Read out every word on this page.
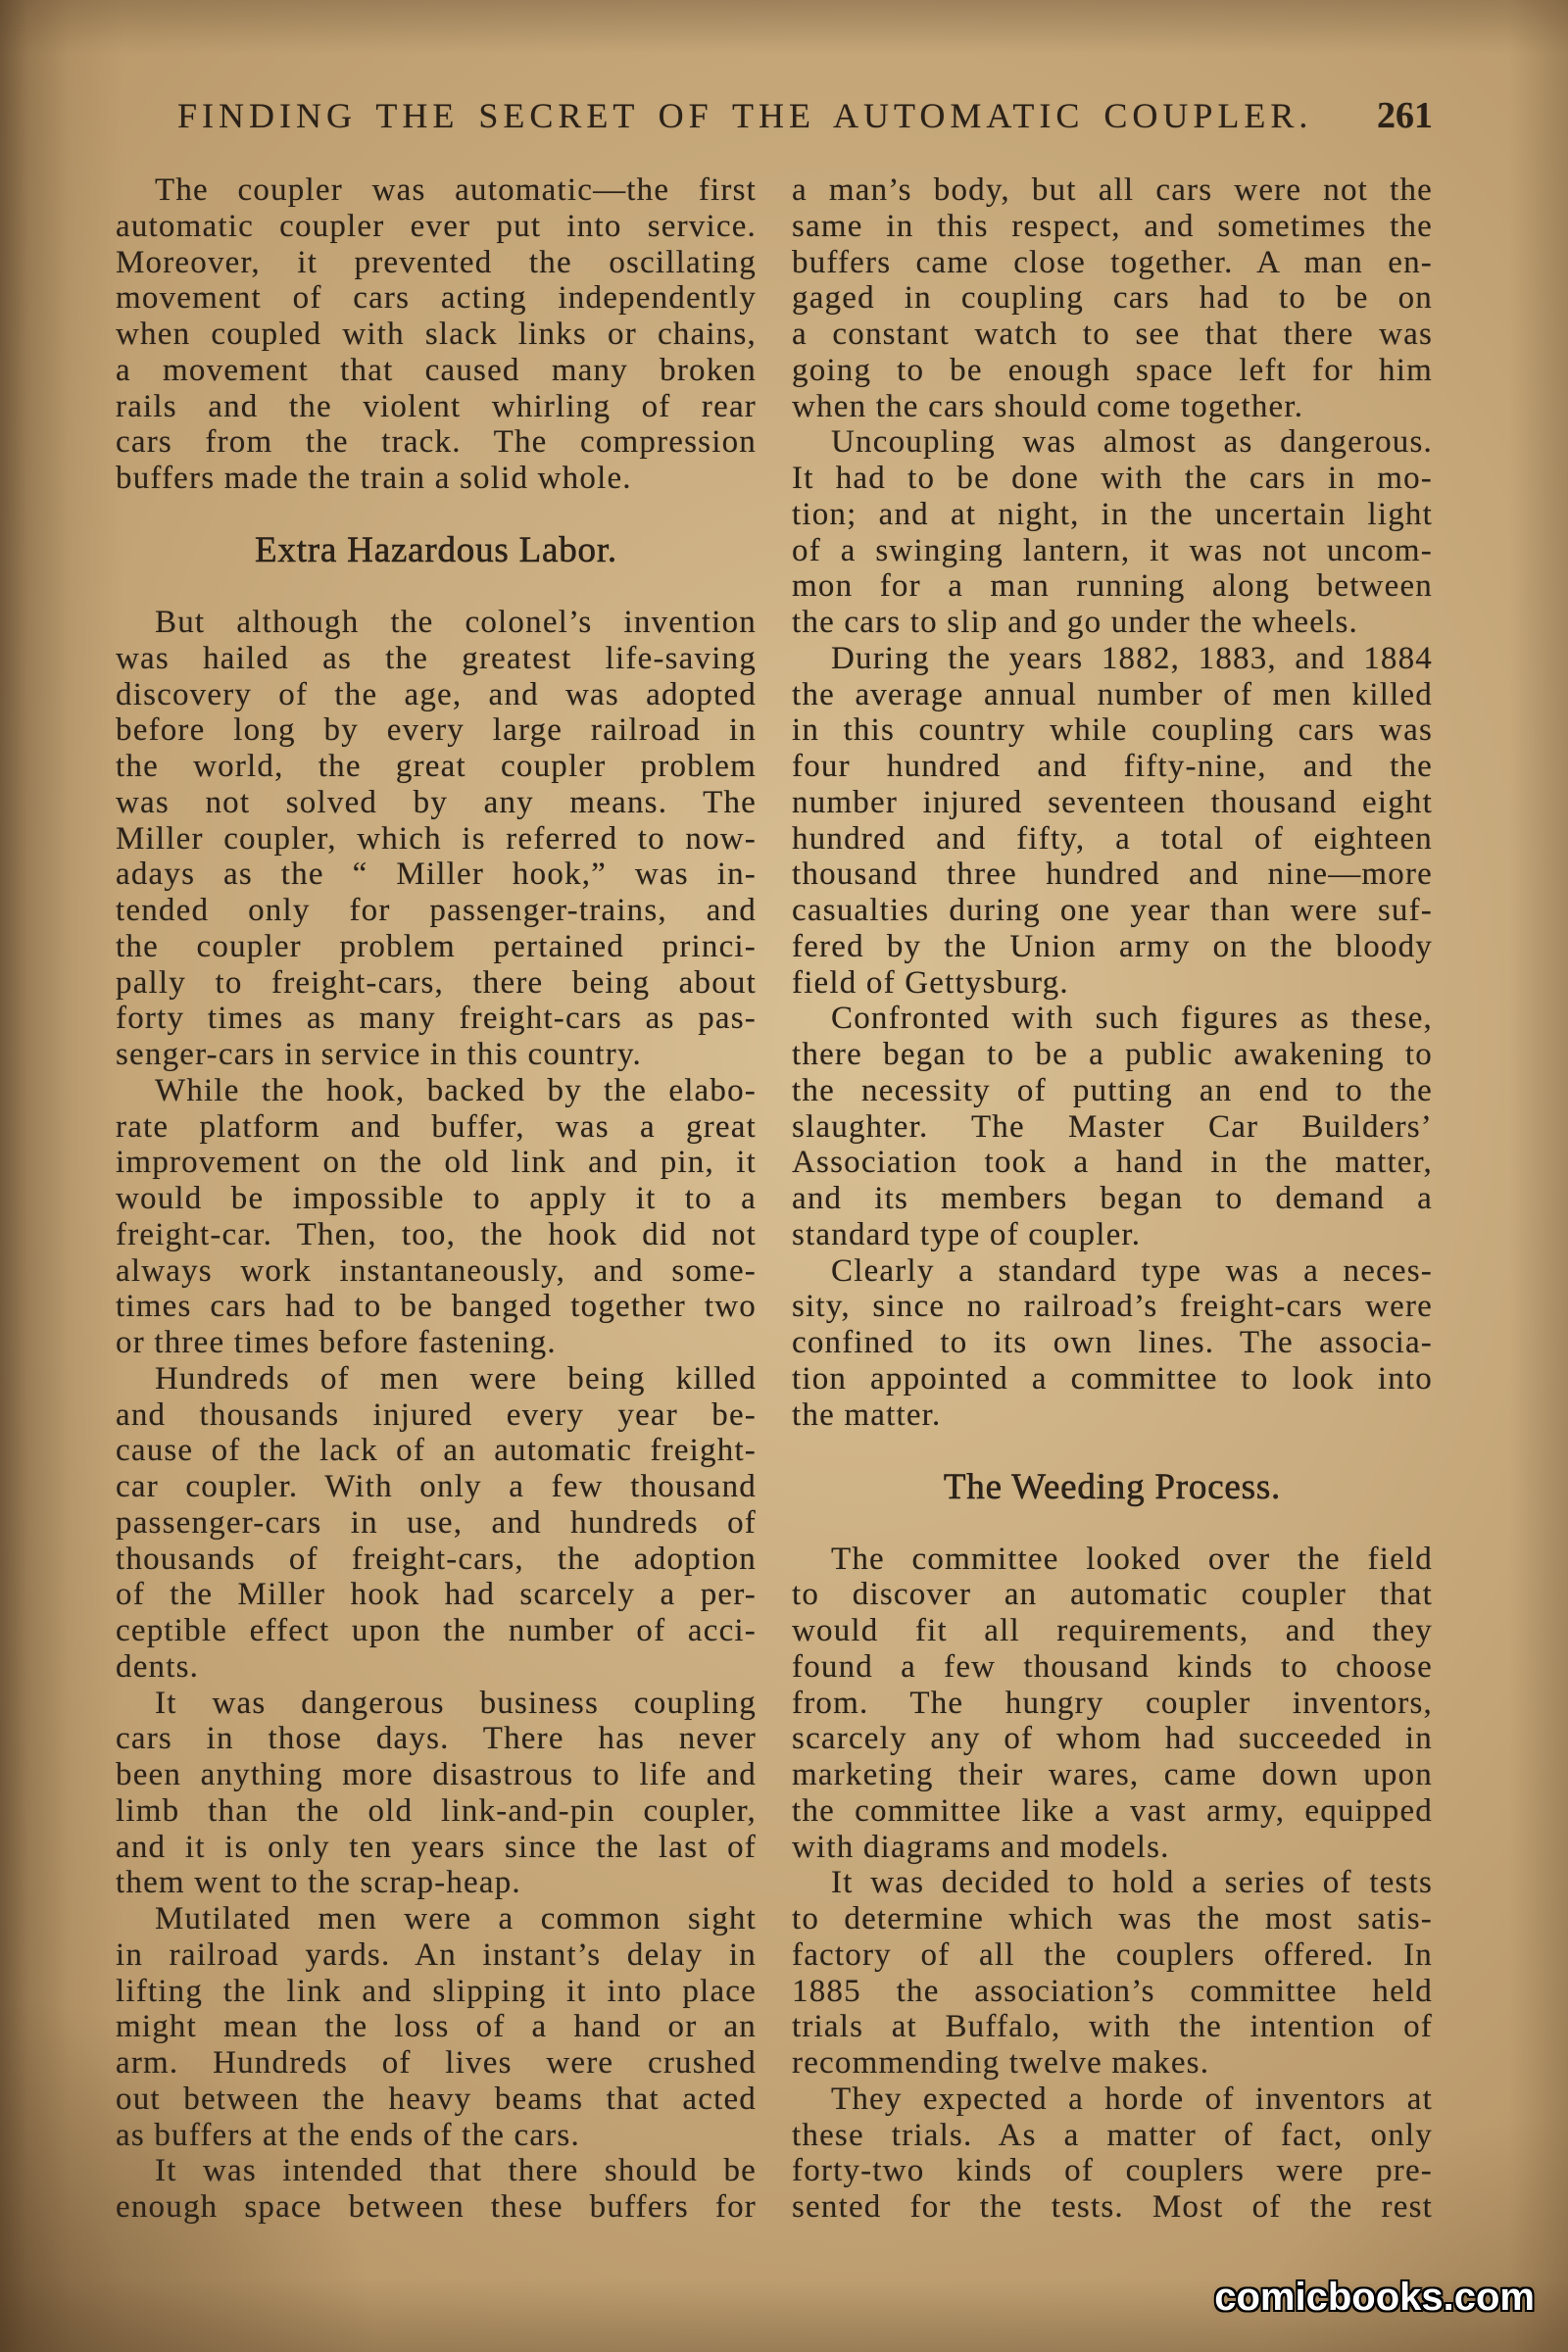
FINDING THE SECRET OF THE AUTOMATIC COUPLER. 261
The coupler was automatic—the first
automatic coupler ever put into service.
Moreover, it prevented the oscillating
movement of cars acting independently
when coupled with slack links or chains,
a movement that caused many broken
rails and the violent whirling of rear
cars from the track. The compression
buffers made the train a solid whole.
Extra Hazardous Labor.
But although the colonel’s invention
was hailed as the greatest life-saving
discovery of the age, and was adopted
before long by every large railroad in
the world, the great coupler problem
was not solved by any means. The
Miller coupler, which is referred to now-
adays as the “ Miller hook,” was in-
tended only for passenger-trains, and
the coupler problem pertained princi-
pally to freight-cars, there being about
forty times as many freight-cars as pas-
senger-cars in service in this country.
While the hook, backed by the elabo-
rate platform and buffer, was a great
improvement on the old link and pin, it
would be impossible to apply it to a
freight-car. Then, too, the hook did not
always work instantaneously, and some-
times cars had to be banged together two
or three times before fastening.
Hundreds of men were being killed
and thousands injured every year be-
cause of the lack of an automatic freight-
car coupler. With only a few thousand
passenger-cars in use, and hundreds of
thousands of freight-cars, the adoption
of the Miller hook had scarcely a per-
ceptible effect upon the number of acci-
dents.
It was dangerous business coupling
cars in those days. There has never
been anything more disastrous to life and
limb than the old link-and-pin coupler,
and it is only ten years since the last of
them went to the scrap-heap.
Mutilated men were a common sight
in railroad yards. An instant’s delay in
lifting the link and slipping it into place
might mean the loss of a hand or an
arm. Hundreds of lives were crushed
out between the heavy beams that acted
as buffers at the ends of the cars.
It was intended that there should be
enough space between these buffers for
a man’s body, but all cars were not the
same in this respect, and sometimes the
buffers came close together. A man en-
gaged in coupling cars had to be on
a constant watch to see that there was
going to be enough space left for him
when the cars should come together.
Uncoupling was almost as dangerous.
It had to be done with the cars in mo-
tion; and at night, in the uncertain light
of a swinging lantern, it was not uncom-
mon for a man running along between
the cars to slip and go under the wheels.
During the years 1882, 1883, and 1884
the average annual number of men killed
in this country while coupling cars was
four hundred and fifty-nine, and the
number injured seventeen thousand eight
hundred and fifty, a total of eighteen
thousand three hundred and nine—more
casualties during one year than were suf-
fered by the Union army on the bloody
field of Gettysburg.
Confronted with such figures as these,
there began to be a public awakening to
the necessity of putting an end to the
slaughter. The Master Car Builders’
Association took a hand in the matter,
and its members began to demand a
standard type of coupler.
Clearly a standard type was a neces-
sity, since no railroad’s freight-cars were
confined to its own lines. The associa-
tion appointed a committee to look into
the matter.
The Weeding Process.
The committee looked over the field
to discover an automatic coupler that
would fit all requirements, and they
found a few thousand kinds to choose
from. The hungry coupler inventors,
scarcely any of whom had succeeded in
marketing their wares, came down upon
the committee like a vast army, equipped
with diagrams and models.
It was decided to hold a series of tests
to determine which was the most satis-
factory of all the couplers offered. In
1885 the association’s committee held
trials at Buffalo, with the intention of
recommending twelve makes.
They expected a horde of inventors at
these trials. As a matter of fact, only
forty-two kinds of couplers were pre-
sented for the tests. Most of the rest
comicbooks.com
